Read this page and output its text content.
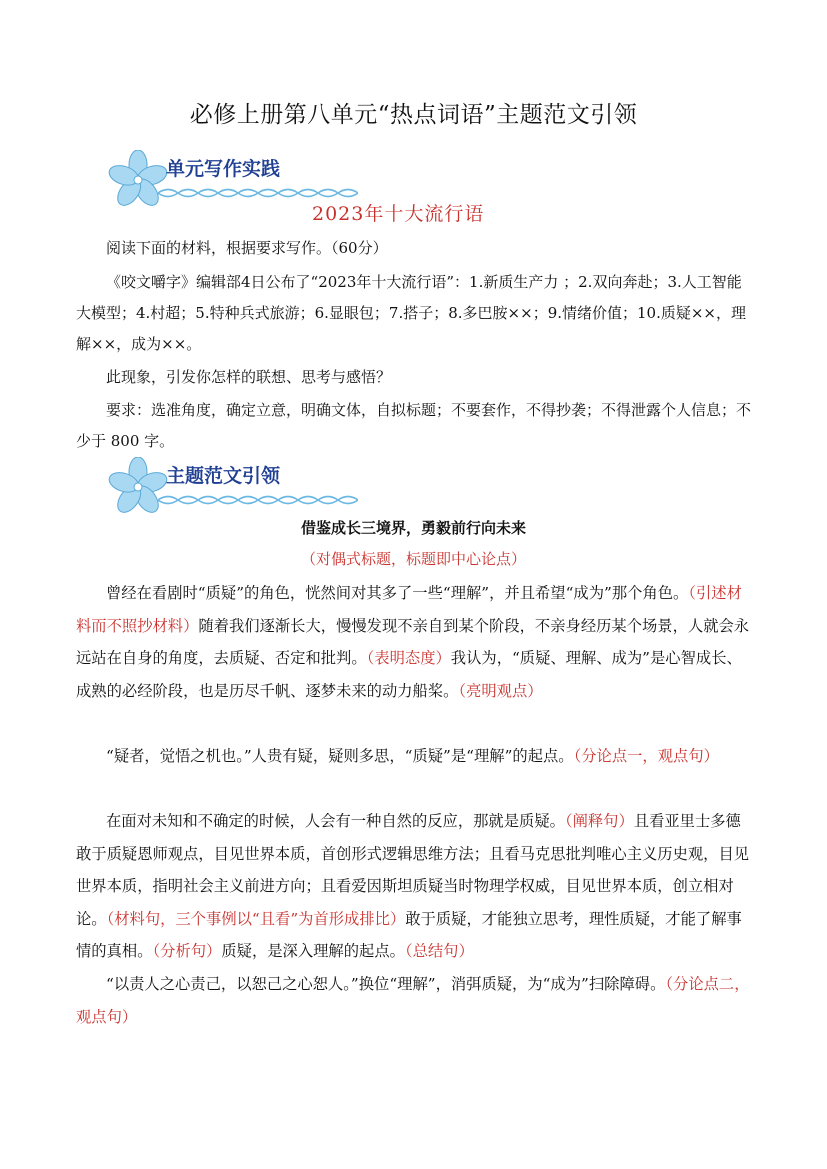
必修上册第八单元“热点词语”主题范文引领
单元写作实践
2023年十大流行语

阅读下面的材料，根据要求写作。（60分）

《咬文嚼字》编辑部4日公布了“2023年十大流行语”：1.新质生产力 ；2.双向奔赴；3.人工智能大模型；4.村超；5.特种兵式旅游；6.显眼包；7.搭子；8.多巴胺××；9.情绪价值；10.质疑××，理解××，成为××。

此现象，引发你怎样的联想、思考与感悟？

要求：选准角度，确定立意，明确文体，自拟标题；不要套作，不得抄袭；不得泄露个人信息；不少于 800 字。

主题范文引领
借鉴成长三境界，勇毅前行向未来
（对偶式标题，标题即中心论点）

曾经在看剧时“质疑”的角色，恍然间对其多了一些“理解”，并且希望“成为”那个角色。（引述材料而不照抄材料）随着我们逐渐长大，慢慢发现不亲自到某个阶段，不亲身经历某个场景，人就会永远站在自身的角度，去质疑、否定和批判。（表明态度）我认为，“质疑、理解、成为”是心智成长、成熟的必经阶段，也是历尽千帆、逐梦未来的动力船桨。（亮明观点）

“疑者，觉悟之机也。”人贵有疑，疑则多思，“质疑”是“理解”的起点。（分论点一，观点句）

在面对未知和不确定的时候，人会有一种自然的反应，那就是质疑。（阐释句）且看亚里士多德敢于质疑恩师观点，目见世界本质，首创形式逻辑思维方法；且看马克思批判唯心主义历史观，目见世界本质，指明社会主义前进方向；且看爱因斯坦质疑当时物理学权威，目见世界本质，创立相对论。（材料句，三个事例以“且看”为首形成排比）敢于质疑，才能独立思考，理性质疑，才能了解事情的真相。（分析句）质疑，是深入理解的起点。（总结句）

“以责人之心责己，以恕己之心恕人。”换位“理解”，消弭质疑，为“成为”扫除障碍。（分论点二，观点句）
